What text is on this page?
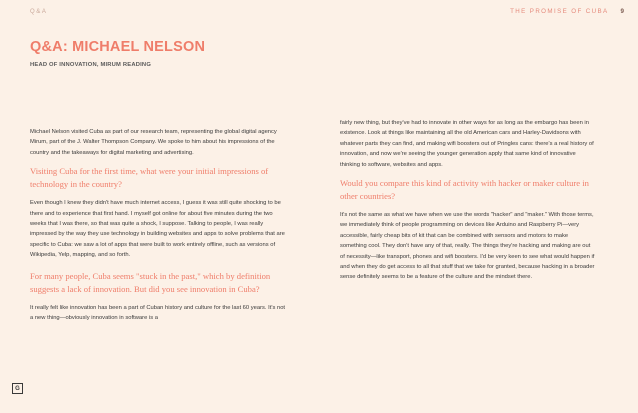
Q&A	THE PROMISE OF CUBA 9
Q&A: MICHAEL NELSON
HEAD OF INNOVATION, MIRUM READING

Michael Nelson visited Cuba as part of our research team, representing the global digital agency Mirum, part of the J. Walter Thompson Company. We spoke to him about his impressions of the country and the takeaways for digital marketing and advertising.

Visiting Cuba for the first time, what were your initial impressions of technology in the country?

Even though I knew they didn't have much internet access, I guess it was still quite shocking to be there and to experience that first hand. I myself got online for about five minutes during the two weeks that I was there, so that was quite a shock, I suppose. Talking to people, I was really impressed by the way they use technology in building websites and apps to solve problems that are specific to Cuba: we saw a lot of apps that were built to work entirely offline, such as versions of Wikipedia, Yelp, mapping, and so forth.

For many people, Cuba seems "stuck in the past," which by definition suggests a lack of innovation. But did you see innovation in Cuba?

It really felt like innovation has been a part of Cuban history and culture for the last 60 years. It's not a new thing—obviously innovation in software is a

fairly new thing, but they've had to innovate in other ways for as long as the embargo has been in existence. Look at things like maintaining all the old American cars and Harley-Davidsons with whatever parts they can find, and making wifi boosters out of Pringles cans: there's a real history of innovation, and now we're seeing the younger generation apply that same kind of innovative thinking to software, websites and apps.

Would you compare this kind of activity with hacker or maker culture in other countries?

It's not the same as what we have when we use the words "hacker" and "maker." With those terms, we immediately think of people programming on devices like Arduino and Raspberry Pi—very accessible, fairly cheap bits of kit that can be combined with sensors and motors to make something cool. They don't have any of that, really. The things they're hacking and making are out of necessity—like transport, phones and wifi boosters. I'd be very keen to see what would happen if and when they do get access to all that stuff that we take for granted, because hacking in a broader sense definitely seems to be a feature of the culture and the mindset there.

G
